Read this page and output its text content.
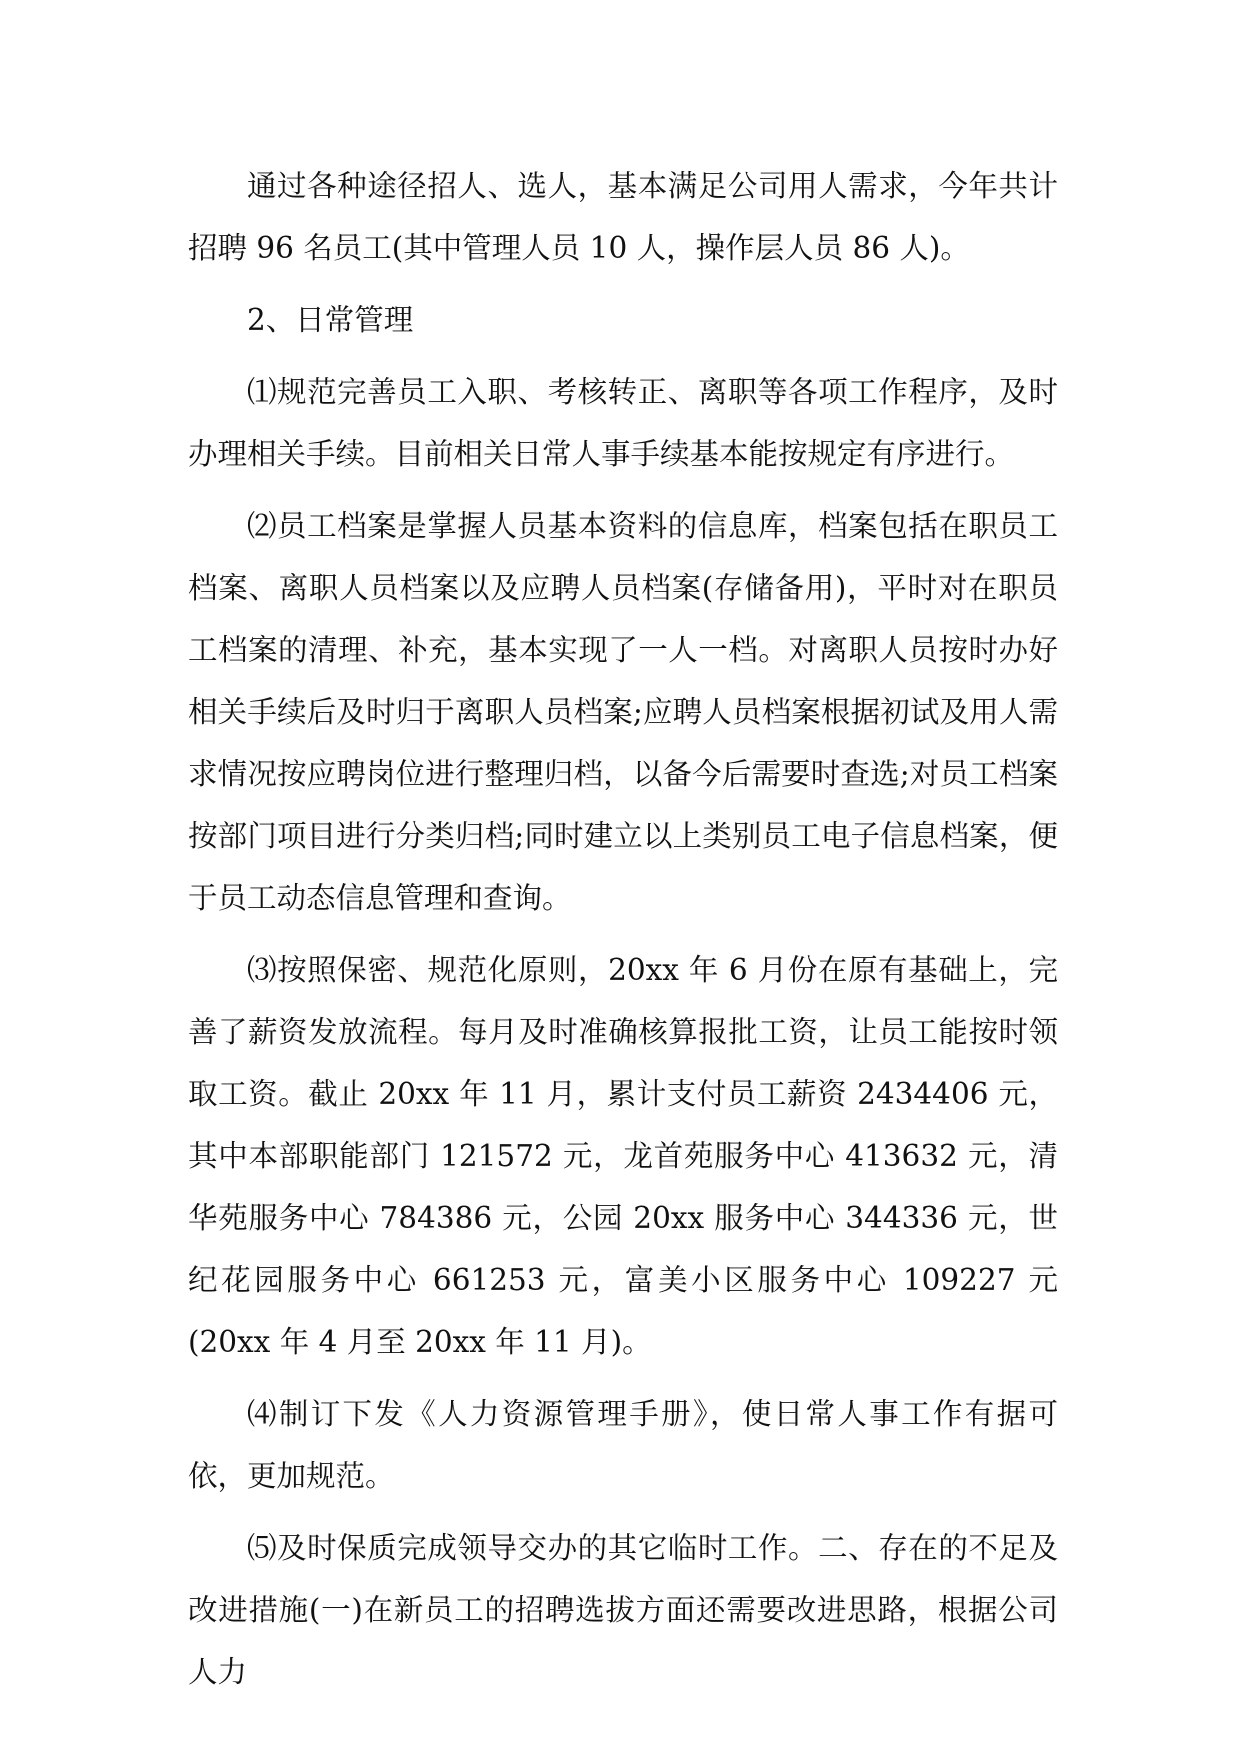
通过各种途径招人、选人，基本满足公司用人需求，今年共计招聘 96 名员工(其中管理人员 10 人，操作层人员 86 人)。

2、日常管理

⑴规范完善员工入职、考核转正、离职等各项工作程序，及时办理相关手续。目前相关日常人事手续基本能按规定有序进行。

⑵员工档案是掌握人员基本资料的信息库，档案包括在职员工档案、离职人员档案以及应聘人员档案(存储备用)，平时对在职员工档案的清理、补充，基本实现了一人一档。对离职人员按时办好相关手续后及时归于离职人员档案;应聘人员档案根据初试及用人需求情况按应聘岗位进行整理归档，以备今后需要时查选;对员工档案按部门项目进行分类归档;同时建立以上类别员工电子信息档案，便于员工动态信息管理和查询。

⑶按照保密、规范化原则，20xx 年 6 月份在原有基础上，完善了薪资发放流程。每月及时准确核算报批工资，让员工能按时领取工资。截止 20xx 年 11 月，累计支付员工薪资 2434406 元，其中本部职能部门 121572 元，龙首苑服务中心 413632 元，清华苑服务中心 784386 元，公园 20xx 服务中心 344336 元，世纪花园服务中心 661253 元，富美小区服务中心 109227 元(20xx 年 4 月至 20xx 年 11 月)。

⑷制订下发《人力资源管理手册》，使日常人事工作有据可依，更加规范。

⑸及时保质完成领导交办的其它临时工作。二、存在的不足及改进措施(一)在新员工的招聘选拔方面还需要改进思路，根据公司人力
